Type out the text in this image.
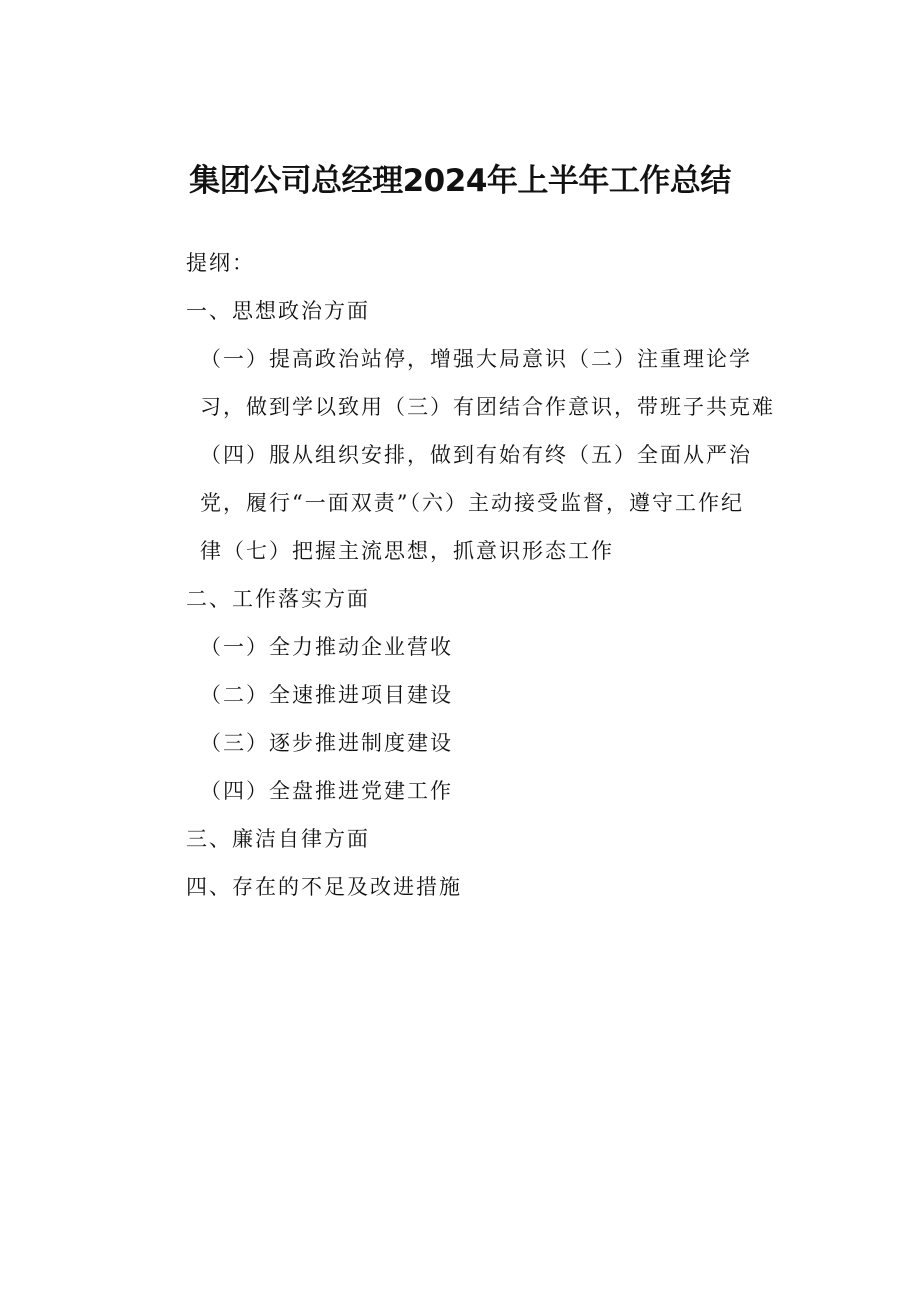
集团公司总经理2024年上半年工作总结
提纲：
一、思想政治方面
（一）提高政治站停，增强大局意识（二）注重理论学
习，做到学以致用（三）有团结合作意识，带班子共克难
（四）服从组织安排，做到有始有终（五）全面从严治
党，履行“一面双责”（六）主动接受监督，遵守工作纪
律（七）把握主流思想，抓意识形态工作
二、工作落实方面
（一）全力推动企业营收
（二）全速推进项目建设
（三）逐步推进制度建设
（四）全盘推进党建工作
三、廉洁自律方面
四、存在的不足及改进措施
